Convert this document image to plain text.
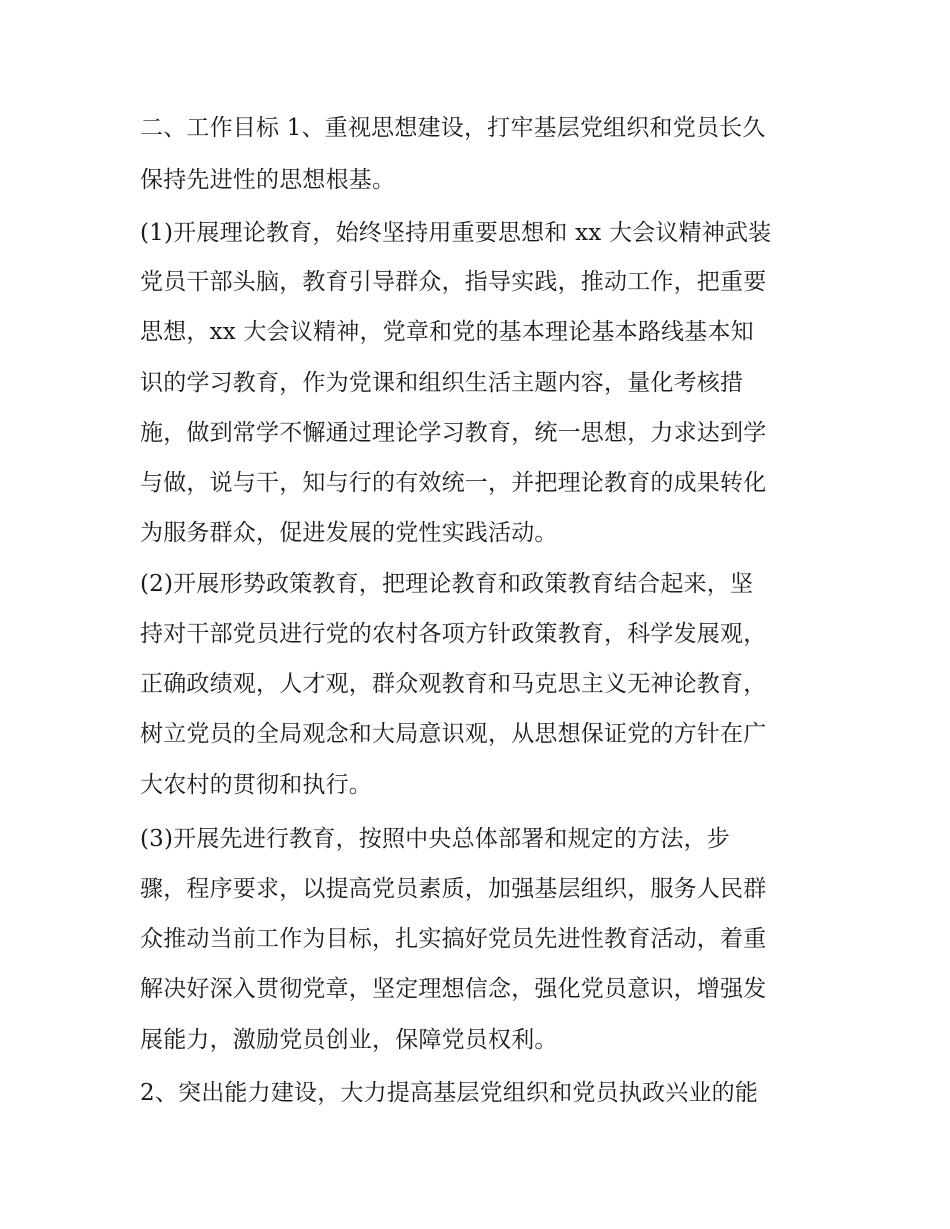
二、工作目标 1、重视思想建设，打牢基层党组织和党员长久
保持先进性的思想根基。
(1)开展理论教育，始终坚持用重要思想和 xx 大会议精神武装
党员干部头脑，教育引导群众，指导实践，推动工作，把重要
思想，xx 大会议精神，党章和党的基本理论基本路线基本知
识的学习教育，作为党课和组织生活主题内容，量化考核措
施，做到常学不懈通过理论学习教育，统一思想，力求达到学
与做，说与干，知与行的有效统一，并把理论教育的成果转化
为服务群众，促进发展的党性实践活动。
(2)开展形势政策教育，把理论教育和政策教育结合起来，坚
持对干部党员进行党的农村各项方针政策教育，科学发展观，
正确政绩观，人才观，群众观教育和马克思主义无神论教育，
树立党员的全局观念和大局意识观，从思想保证党的方针在广
大农村的贯彻和执行。
(3)开展先进行教育，按照中央总体部署和规定的方法，步
骤，程序要求，以提高党员素质，加强基层组织，服务人民群
众推动当前工作为目标，扎实搞好党员先进性教育活动，着重
解决好深入贯彻党章，坚定理想信念，强化党员意识，增强发
展能力，激励党员创业，保障党员权利。
2、突出能力建设，大力提高基层党组织和党员执政兴业的能
